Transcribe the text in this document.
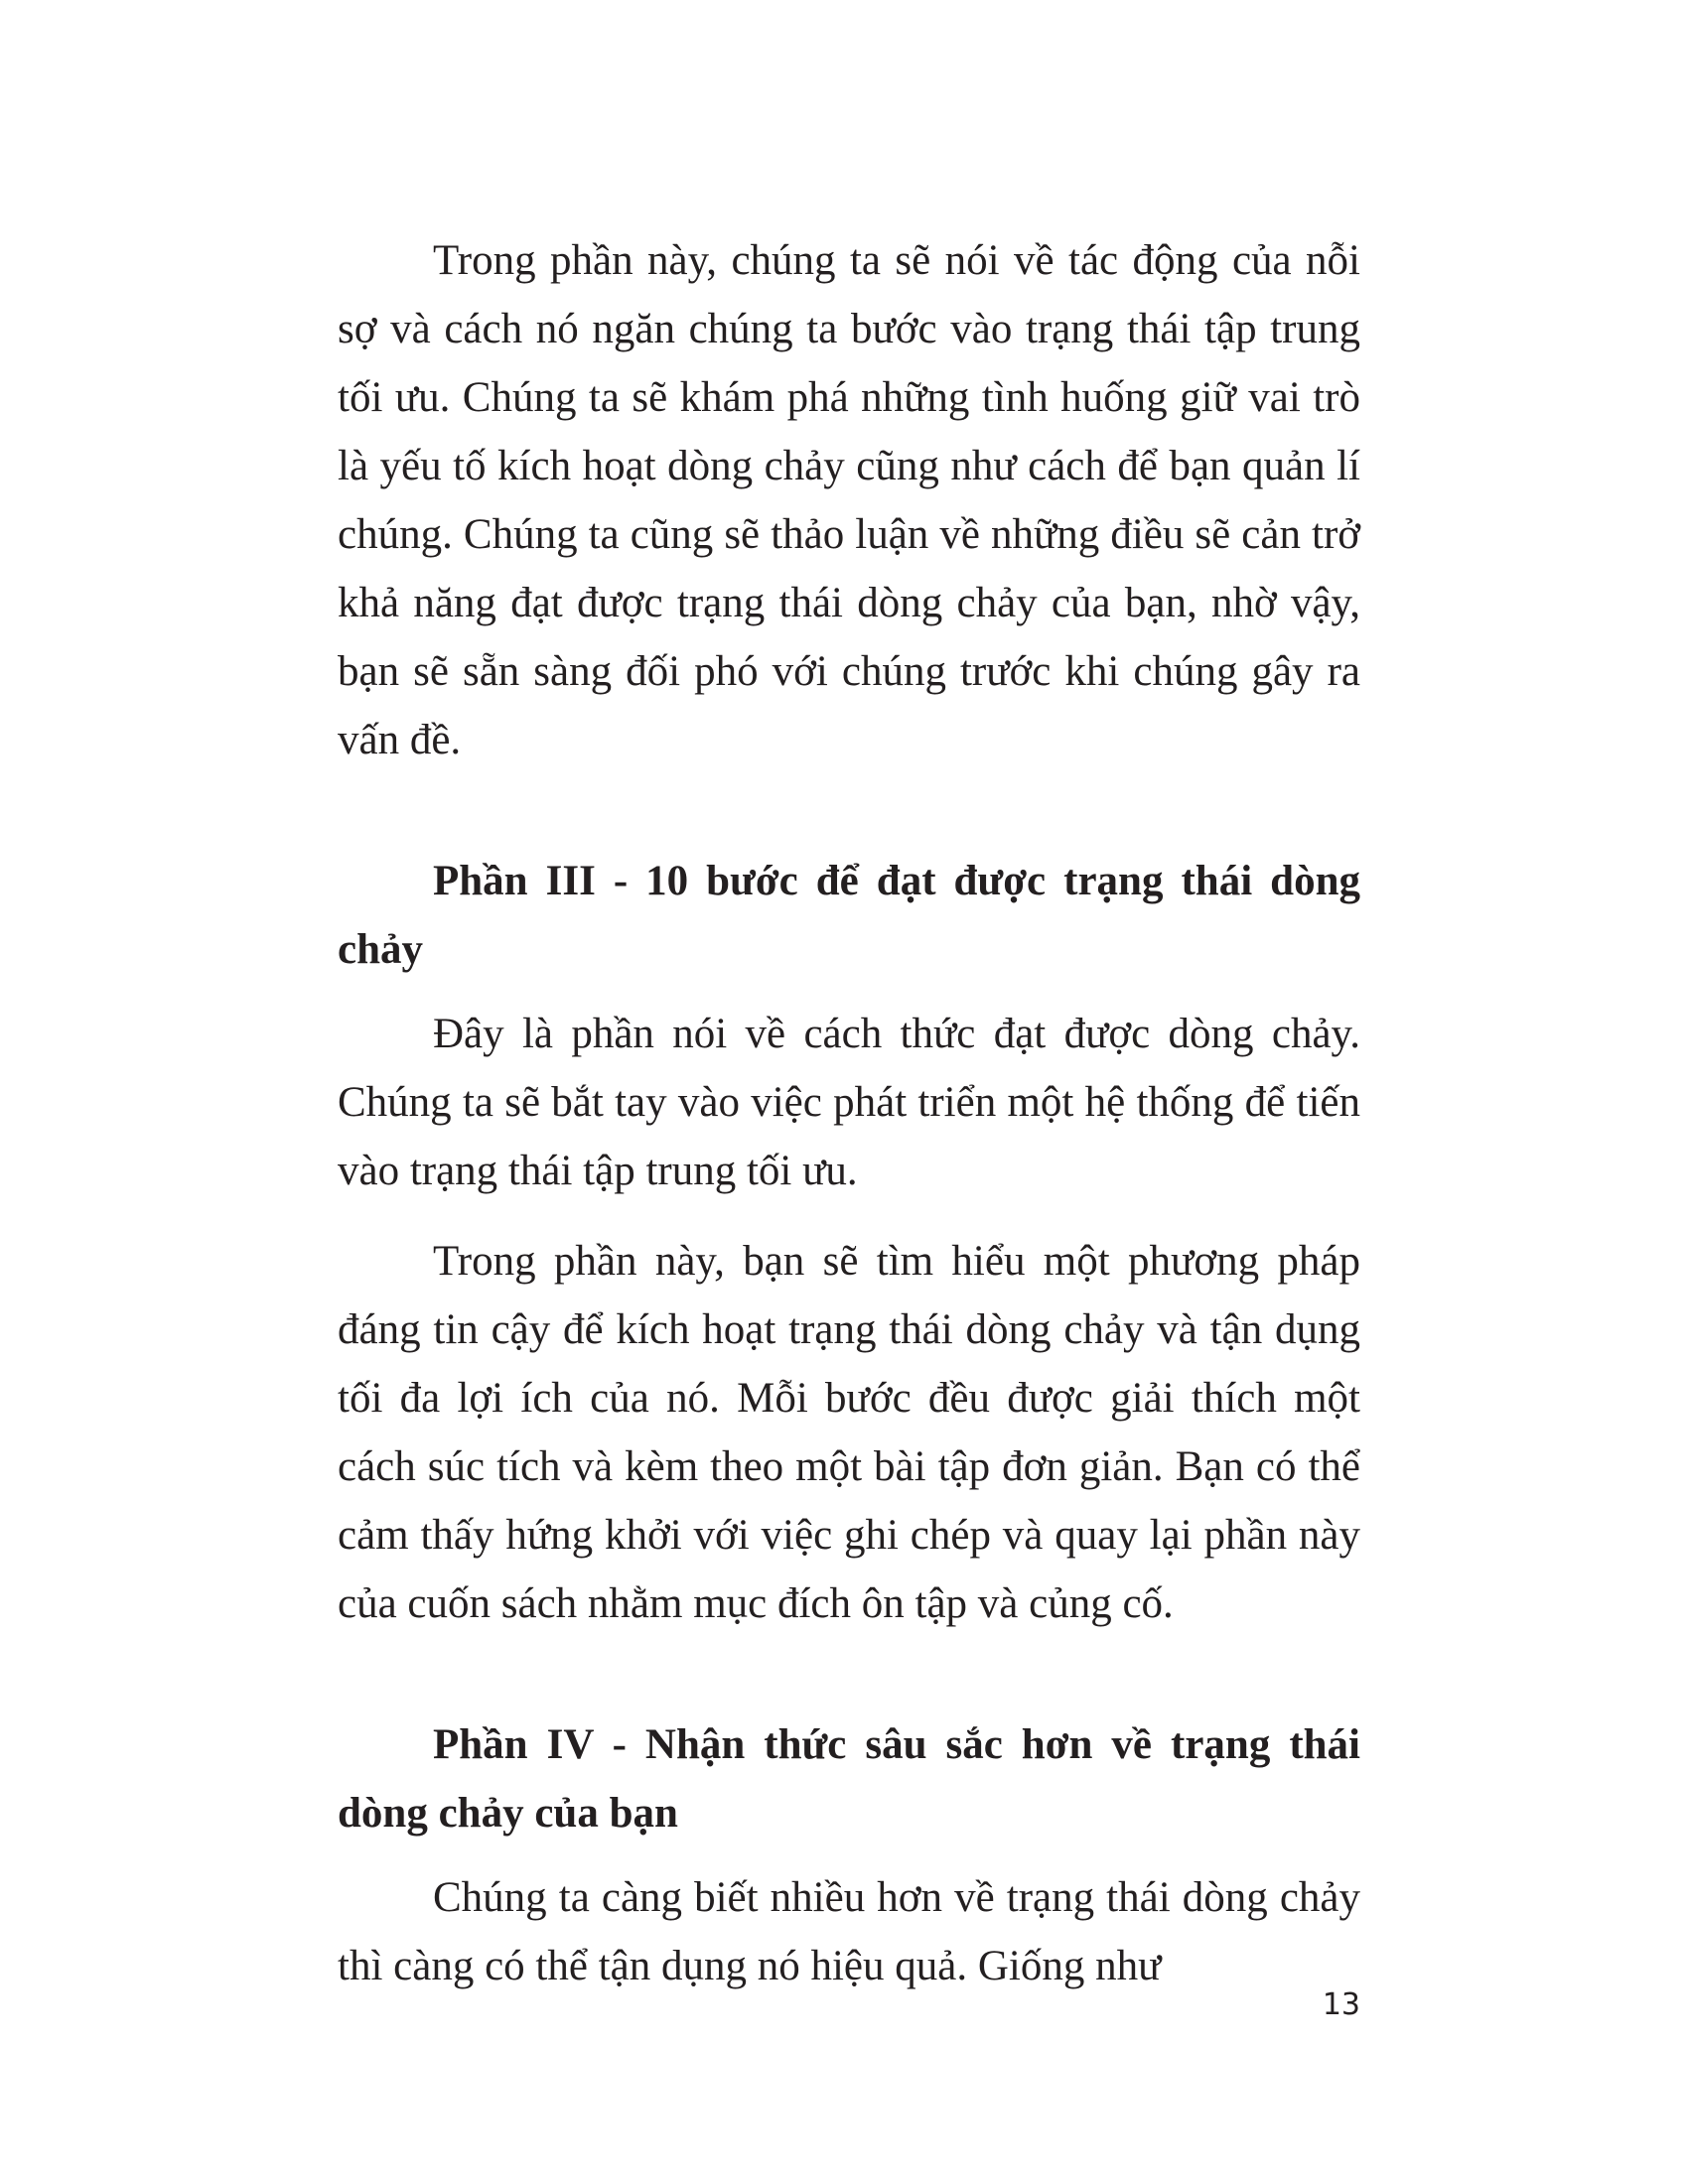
Trong phần này, chúng ta sẽ nói về tác động của nỗi sợ và cách nó ngăn chúng ta bước vào trạng thái tập trung tối ưu. Chúng ta sẽ khám phá những tình huống giữ vai trò là yếu tố kích hoạt dòng chảy cũng như cách để bạn quản lí chúng. Chúng ta cũng sẽ thảo luận về những điều sẽ cản trở khả năng đạt được trạng thái dòng chảy của bạn, nhờ vậy, bạn sẽ sẵn sàng đối phó với chúng trước khi chúng gây ra vấn đề.

Phần III - 10 bước để đạt được trạng thái dòng chảy

Đây là phần nói về cách thức đạt được dòng chảy. Chúng ta sẽ bắt tay vào việc phát triển một hệ thống để tiến vào trạng thái tập trung tối ưu.

Trong phần này, bạn sẽ tìm hiểu một phương pháp đáng tin cậy để kích hoạt trạng thái dòng chảy và tận dụng tối đa lợi ích của nó. Mỗi bước đều được giải thích một cách súc tích và kèm theo một bài tập đơn giản. Bạn có thể cảm thấy hứng khởi với việc ghi chép và quay lại phần này của cuốn sách nhằm mục đích ôn tập và củng cố.

Phần IV - Nhận thức sâu sắc hơn về trạng thái dòng chảy của bạn

Chúng ta càng biết nhiều hơn về trạng thái dòng chảy thì càng có thể tận dụng nó hiệu quả. Giống như

13
